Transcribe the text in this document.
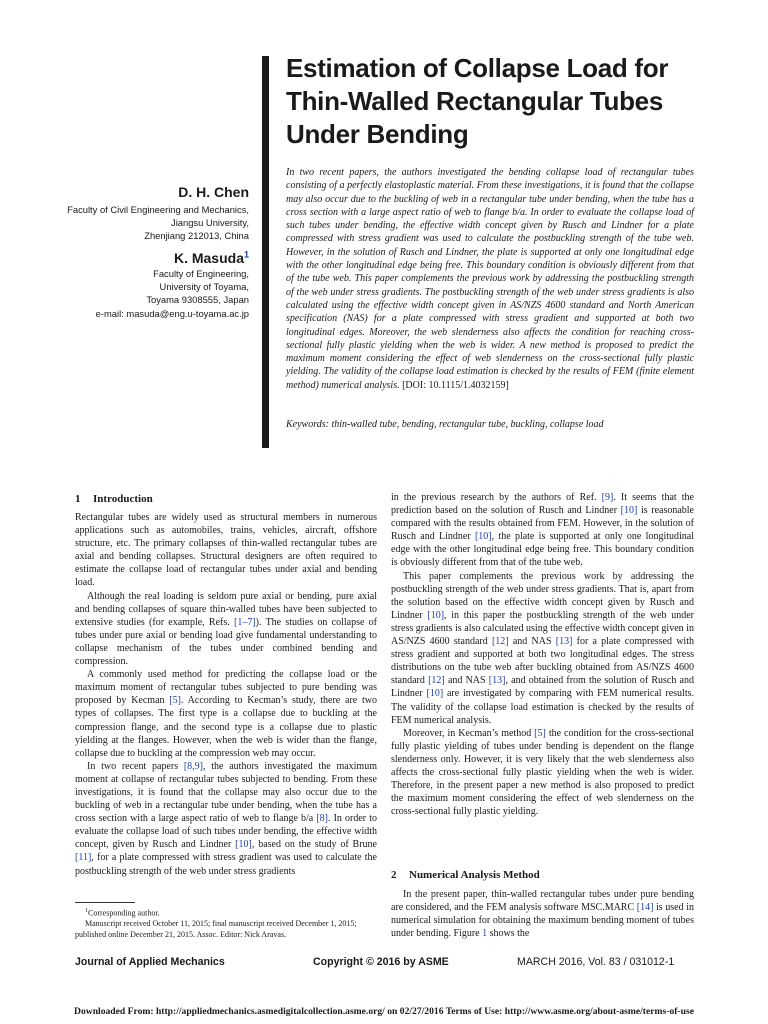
Estimation of Collapse Load for Thin-Walled Rectangular Tubes Under Bending
D. H. Chen
Faculty of Civil Engineering and Mechanics,
Jiangsu University,
Zhenjiang 212013, China
K. Masuda$^1$
Faculty of Engineering,
University of Toyama,
Toyama 9308555, Japan
e-mail: masuda@eng.u-toyama.ac.jp
In two recent papers, the authors investigated the bending collapse load of rectangular tubes consisting of a perfectly elastoplastic material. From these investigations, it is found that the collapse may also occur due to the buckling of web in a rectangular tube under bending, when the tube has a cross section with a large aspect ratio of web to flange b/a. In order to evaluate the collapse load of such tubes under bending, the effective width concept given by Rusch and Lindner for a plate compressed with stress gradient was used to calculate the postbuckling strength of the tube web. However, in the solution of Rusch and Lindner, the plate is supported at only one longitudinal edge with the other longitudinal edge being free. This boundary condition is obviously different from that of the tube web. This paper complements the previous work by addressing the postbuckling strength of the web under stress gradients. The postbuckling strength of the web under stress gradients is also calculated using the effective width concept given in AS/NZS 4600 standard and North American specification (NAS) for a plate compressed with stress gradient and supported at both two longitudinal edges. Moreover, the web slenderness also affects the condition for reaching cross-sectional fully plastic yielding when the web is wider. A new method is proposed to predict the maximum moment considering the effect of web slenderness on the cross-sectional fully plastic yielding. The validity of the collapse load estimation is checked by the results of FEM (finite element method) numerical analysis. [DOI: 10.1115/1.4032159]
Keywords: thin-walled tube, bending, rectangular tube, buckling, collapse load
1 Introduction

Rectangular tubes are widely used as structural members in numerous applications such as automobiles, trains, vehicles, aircraft, offshore structure, etc. The primary collapses of thin-walled rectangular tubes are axial and bending collapses. Structural designers are often required to estimate the collapse load of rectangular tubes under axial and bending load.

Although the real loading is seldom pure axial or bending, pure axial and bending collapses of square thin-walled tubes have been subjected to extensive studies (for example, Refs. [1–7]). The studies on collapse of tubes under pure axial or bending load give fundamental understanding to collapse mechanism of the tubes under combined bending and compression.

A commonly used method for predicting the collapse load or the maximum moment of rectangular tubes subjected to pure bending was proposed by Kecman [5]. According to Kecman’s study, there are two types of collapses. The first type is a collapse due to buckling at the compression flange, and the second type is a collapse due to plastic yielding at the flanges. However, when the web is wider than the flange, collapse due to buckling at the compression web may occur.

In two recent papers [8,9], the authors investigated the maximum moment at collapse of rectangular tubes subjected to bending. From these investigations, it is found that the collapse may also occur due to the buckling of web in a rectangular tube under bending, when the tube has a cross section with a large aspect ratio of web to flange b/a [8]. In order to evaluate the collapse load of such tubes under bending, the effective width concept, given by Rusch and Lindner [10], based on the study of Brune [11], for a plate compressed with stress gradient was used to calculate the postbuckling strength of the web under stress gradients

in the previous research by the authors of Ref. [9]. It seems that the prediction based on the solution of Rusch and Lindner [10] is reasonable compared with the results obtained from FEM. However, in the solution of Rusch and Lindner [10], the plate is supported at only one longitudinal edge with the other longitudinal edge being free. This boundary condition is obviously different from that of the tube web.

This paper complements the previous work by addressing the postbuckling strength of the web under stress gradients. That is, apart from the solution based on the effective width concept given by Rusch and Lindner [10], in this paper the postbuckling strength of the web under stress gradients is also calculated using the effective width concept given in AS/NZS 4600 standard [12] and NAS [13] for a plate compressed with stress gradient and supported at both two longitudinal edges. The stress distributions on the tube web after buckling obtained from AS/NZS 4600 standard [12] and NAS [13], and obtained from the solution of Rusch and Lindner [10] are investigated by comparing with FEM numerical results. The validity of the collapse load estimation is checked by the results of FEM numerical analysis.

Moreover, in Kecman’s method [5] the condition for the cross-sectional fully plastic yielding of tubes under bending is dependent on the flange slenderness only. However, it is very likely that the web slenderness also affects the cross-sectional fully plastic yielding when the web is wider. Therefore, in the present paper a new method is also proposed to predict the maximum moment considering the effect of web slenderness on the cross-sectional fully plastic yielding.

2 Numerical Analysis Method

In the present paper, thin-walled rectangular tubes under pure bending are considered, and the FEM analysis software MSC.MARC [14] is used in numerical simulation for obtaining the maximum bending moment of tubes under bending. Figure 1 shows the

$^1$Corresponding author.

Manuscript received October 11, 2015; final manuscript received December 1, 2015; published online December 21, 2015. Assoc. Editor: Nick Aravas.

Journal of Applied Mechanics	Copyright © 2016 by ASME	MARCH 2016, Vol. 83 / 031012-1
Downloaded From: http://appliedmechanics.asmedigitalcollection.asme.org/ on 02/27/2016 Terms of Use: http://www.asme.org/about-asme/terms-of-use
